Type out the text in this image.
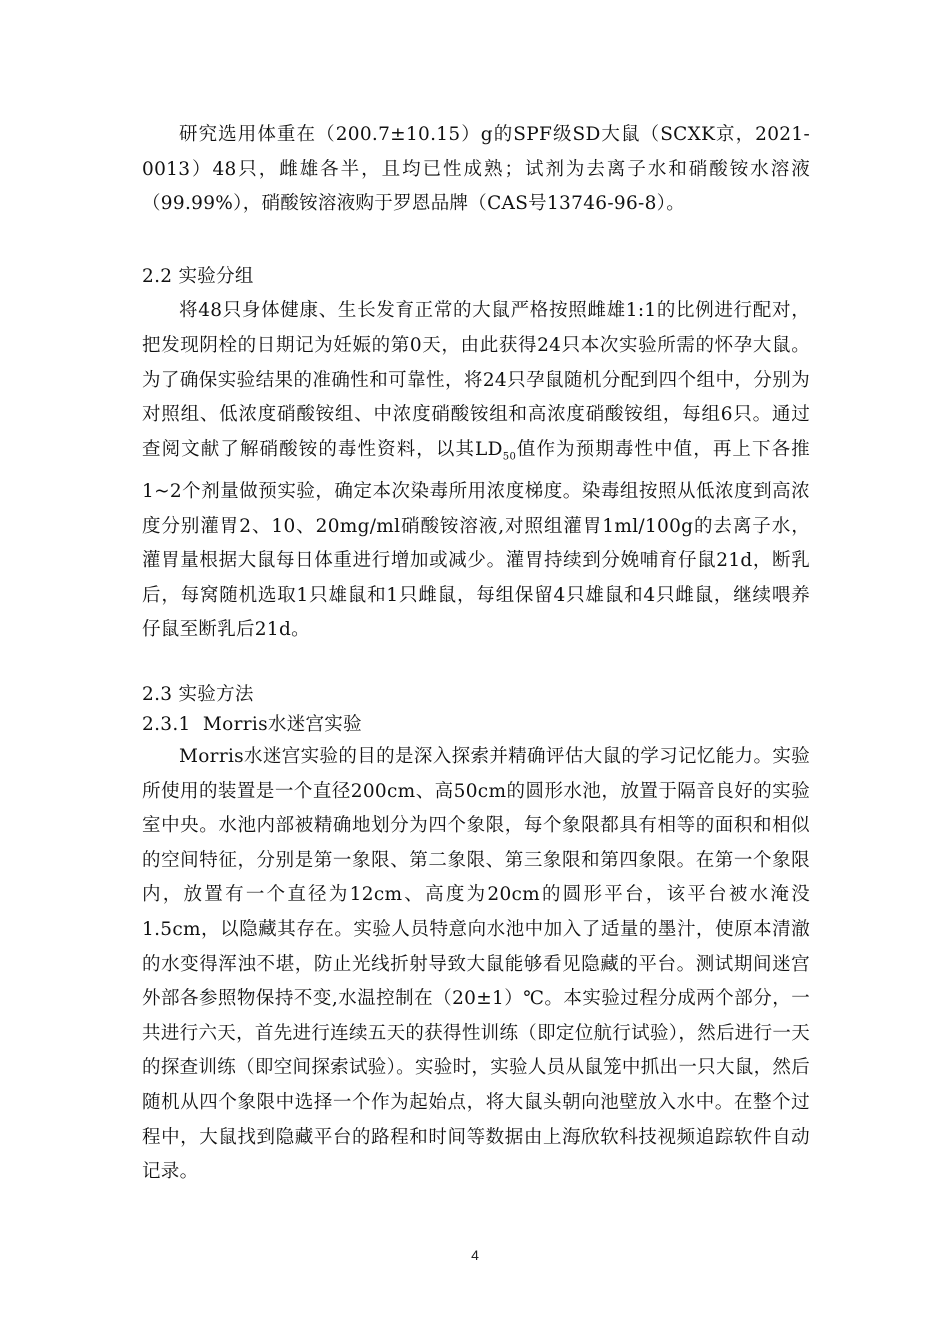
研究选用体重在（200.7±10.15）g的SPF级SD大鼠（SCXK京，2021-0013）48只，雌雄各半，且均已性成熟；试剂为去离子水和硝酸铵水溶液（99.99%），硝酸铵溶液购于罗恩品牌（CAS号13746-96-8）。

2.2 实验分组

将48只身体健康、生长发育正常的大鼠严格按照雌雄1:1的比例进行配对，把发现阴栓的日期记为妊娠的第0天，由此获得24只本次实验所需的怀孕大鼠。为了确保实验结果的准确性和可靠性，将24只孕鼠随机分配到四个组中，分别为对照组、低浓度硝酸铵组、中浓度硝酸铵组和高浓度硝酸铵组，每组6只。通过查阅文献了解硝酸铵的毒性资料，以其$LD_{50}$值作为预期毒性中值，再上下各推1~2个剂量做预实验，确定本次染毒所用浓度梯度。染毒组按照从低浓度到高浓度分别灌胃2、10、20mg/ml硝酸铵溶液,对照组灌胃1ml/100g的去离子水，灌胃量根据大鼠每日体重进行增加或减少。灌胃持续到分娩哺育仔鼠21d，断乳后，每窝随机选取1只雄鼠和1只雌鼠，每组保留4只雄鼠和4只雌鼠，继续喂养仔鼠至断乳后21d。

2.3 实验方法

2.3.1  Morris水迷宫实验

Morris水迷宫实验的目的是深入探索并精确评估大鼠的学习记忆能力。实验所使用的装置是一个直径200cm、高50cm的圆形水池，放置于隔音良好的实验室中央。水池内部被精确地划分为四个象限，每个象限都具有相等的面积和相似的空间特征，分别是第一象限、第二象限、第三象限和第四象限。在第一个象限内，放置有一个直径为12cm、高度为20cm的圆形平台，该平台被水淹没1.5cm，以隐藏其存在。实验人员特意向水池中加入了适量的墨汁，使原本清澈的水变得浑浊不堪，防止光线折射导致大鼠能够看见隐藏的平台。测试期间迷宫外部各参照物保持不变,水温控制在（20±1）℃。本实验过程分成两个部分，一共进行六天，首先进行连续五天的获得性训练（即定位航行试验），然后进行一天的探查训练（即空间探索试验）。实验时，实验人员从鼠笼中抓出一只大鼠，然后随机从四个象限中选择一个作为起始点，将大鼠头朝向池壁放入水中。在整个过程中，大鼠找到隐藏平台的路程和时间等数据由上海欣软科技视频追踪软件自动记录。

4
